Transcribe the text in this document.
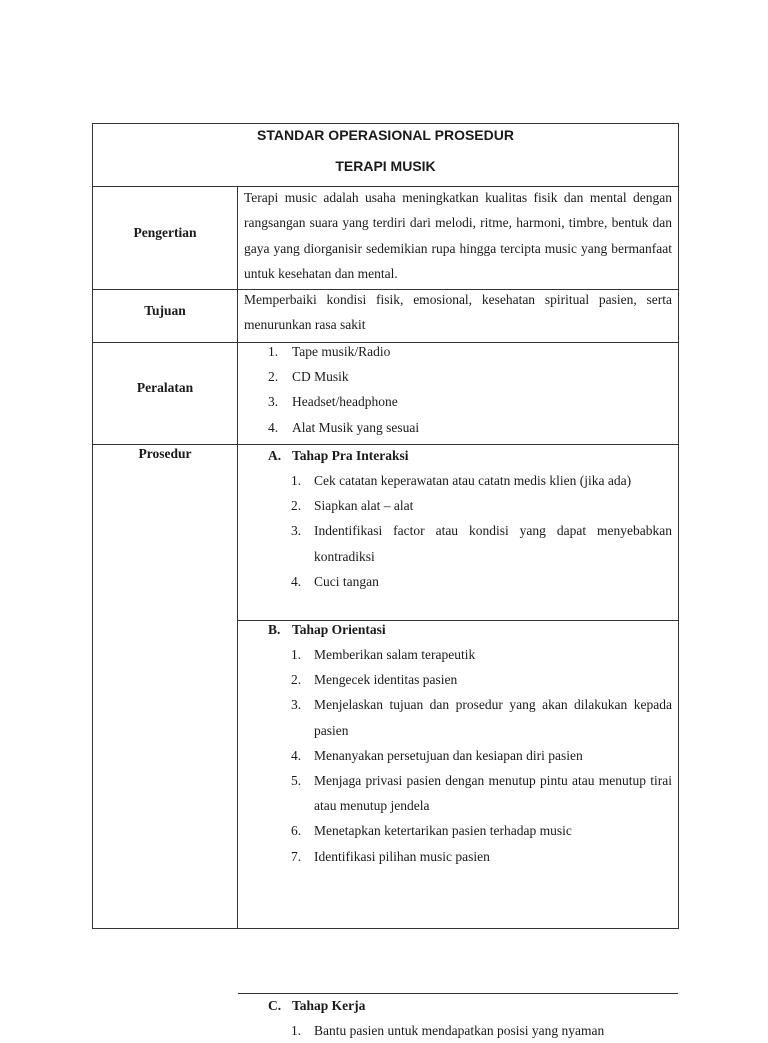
STANDAR OPERASIONAL PROSEDUR
TERAPI MUSIK
Pengertian

Terapi music adalah usaha meningkatkan kualitas fisik dan mental dengan rangsangan suara yang terdiri dari melodi, ritme, harmoni, timbre, bentuk dan gaya yang diorganisir sedemikian rupa hingga tercipta music yang bermanfaat untuk kesehatan dan mental.

Tujuan

Memperbaiki kondisi fisik, emosional, kesehatan spiritual pasien, serta menurunkan rasa sakit

Peralatan
1. Tape musik/Radio
2. CD Musik
3. Headset/headphone
4. Alat Musik yang sesuai
Prosedur	A. Tahap Pra Interaksi
1. Cek catatan keperawatan atau catatn medis klien (jika ada)
2. Siapkan alat – alat
3. Indentifikasi factor atau kondisi yang dapat menyebabkan kontradiksi
4. Cuci tangan
B. Tahap Orientasi
1. Memberikan salam terapeutik
2. Mengecek identitas pasien
3. Menjelaskan tujuan dan prosedur yang akan dilakukan kepada pasien
4. Menanyakan persetujuan dan kesiapan diri pasien
5. Menjaga privasi pasien dengan menutup pintu atau menutup tirai atau menutup jendela
6. Menetapkan ketertarikan pasien terhadap music
7. Identifikasi pilihan music pasien
C. Tahap Kerja
1. Bantu pasien untuk mendapatkan posisi yang nyaman
